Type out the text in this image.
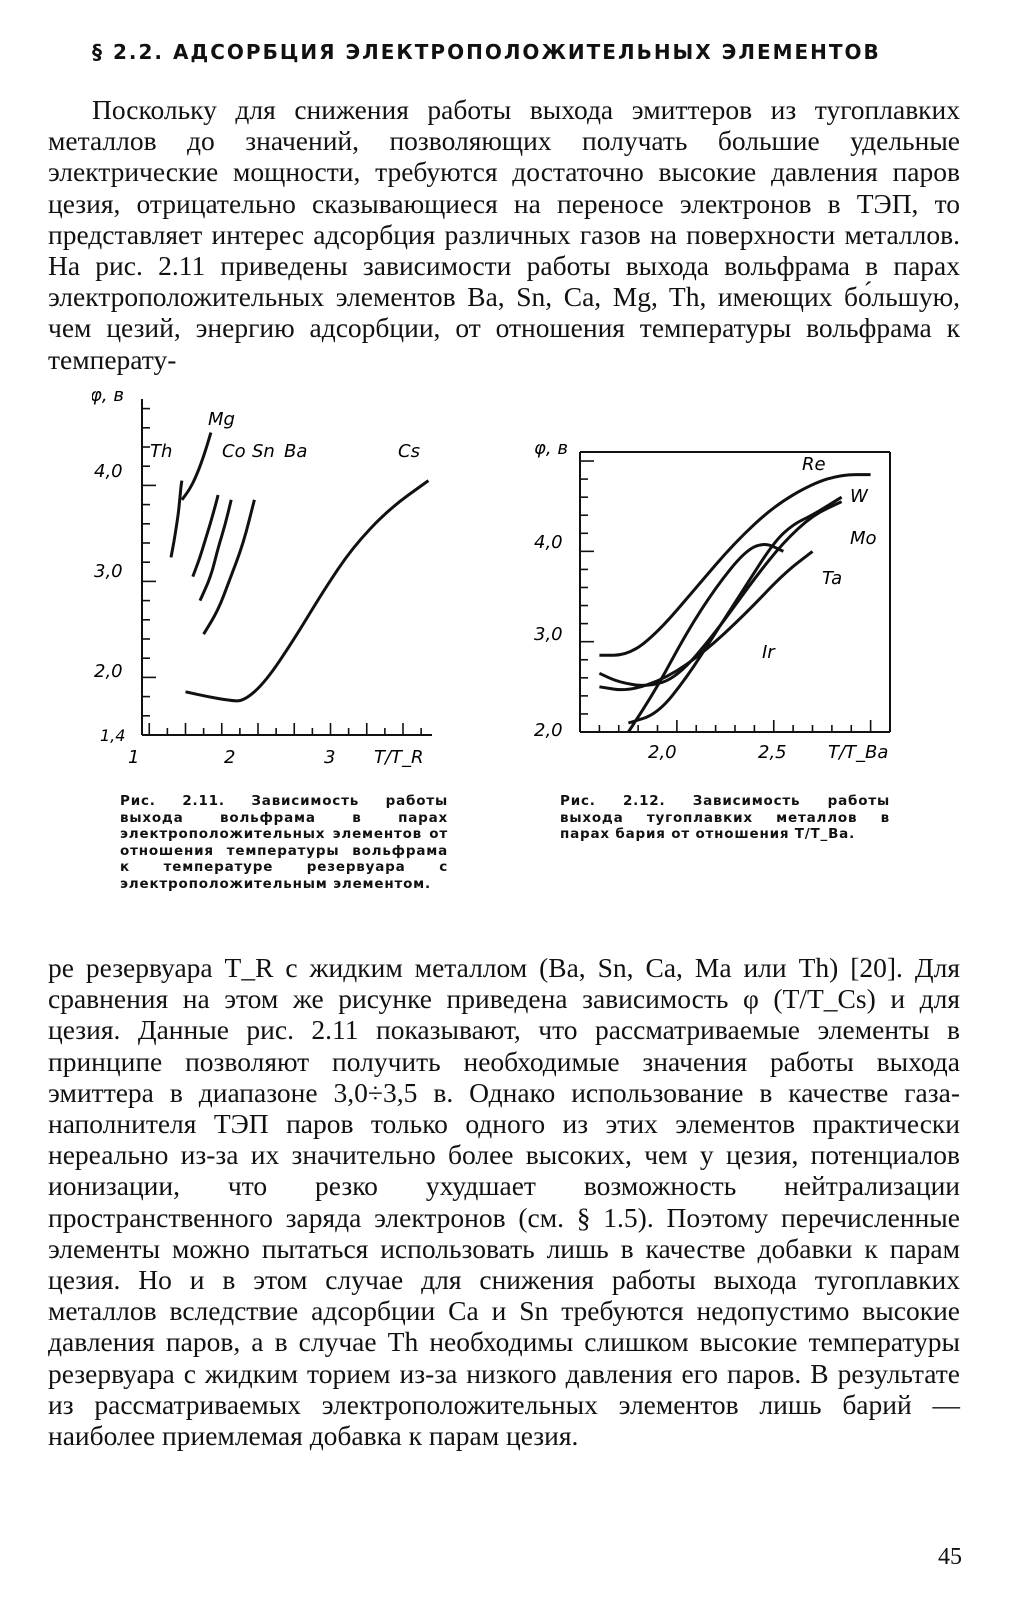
§ 2.2. АДСОРБЦИЯ ЭЛЕКТРОПОЛОЖИТЕЛЬНЫХ ЭЛЕМЕНТОВ

Поскольку для снижения работы выхода эмиттеров из тугоплавких металлов до значений, позволяющих получать большие удельные электрические мощности, требуются достаточно высокие давления паров цезия, отрицательно сказывающиеся на переносе электронов в ТЭП, то представляет интерес адсорбция различных газов на поверхности металлов. На рис. 2.11 приведены зависимости работы выхода вольфрама в парах электроположительных элементов Ba, Sn, Ca, Mg, Th, имеющих бо́льшую, чем цезий, энергию адсорбции, от отношения температуры вольфрама к температу-

φ, в
4,0
3,0
2,0
1,4
1	2	3 T/T_R
Th
Mg
Co Sn Ba	Cs	φ, в
4,0
3,0
2,0
2,0	2,5 T/T_Ba
Re
W
Mo
Ta
Ir
Рис. 2.11. Зависимость работы выхода вольфрама в парах электроположительных элементов от отношения температуры вольфрама к температуре резервуара с электроположительным элементом.
Рис. 2.12. Зависимость работы выхода тугоплавких металлов в парах бария от отношения T/T_Ba.

ре резервуара T_R с жидким металлом (Ba, Sn, Ca, Ma или Th) [20]. Для сравнения на этом же рисунке приведена зависимость φ (T/T_Cs) и для цезия. Данные рис. 2.11 показывают, что рассматриваемые элементы в принципе позволяют получить необходимые значения работы выхода эмиттера в диапазоне 3,0÷3,5 в. Однако использование в качестве газа-наполнителя ТЭП паров только одного из этих элементов практически нереально из-за их значительно более высоких, чем у цезия, потенциалов ионизации, что резко ухудшает возможность нейтрализации пространственного заряда электронов (см. § 1.5). Поэтому перечисленные элементы можно пытаться использовать лишь в качестве добавки к парам цезия. Но и в этом случае для снижения работы выхода тугоплавких металлов вследствие адсорбции Ca и Sn требуются недопустимо высокие давления паров, а в случае Th необходимы слишком высокие температуры резервуара с жидким торием из-за низкого давления его паров. В результате из рассматриваемых электроположительных элементов лишь барий — наиболее приемлемая добавка к парам цезия.

45
